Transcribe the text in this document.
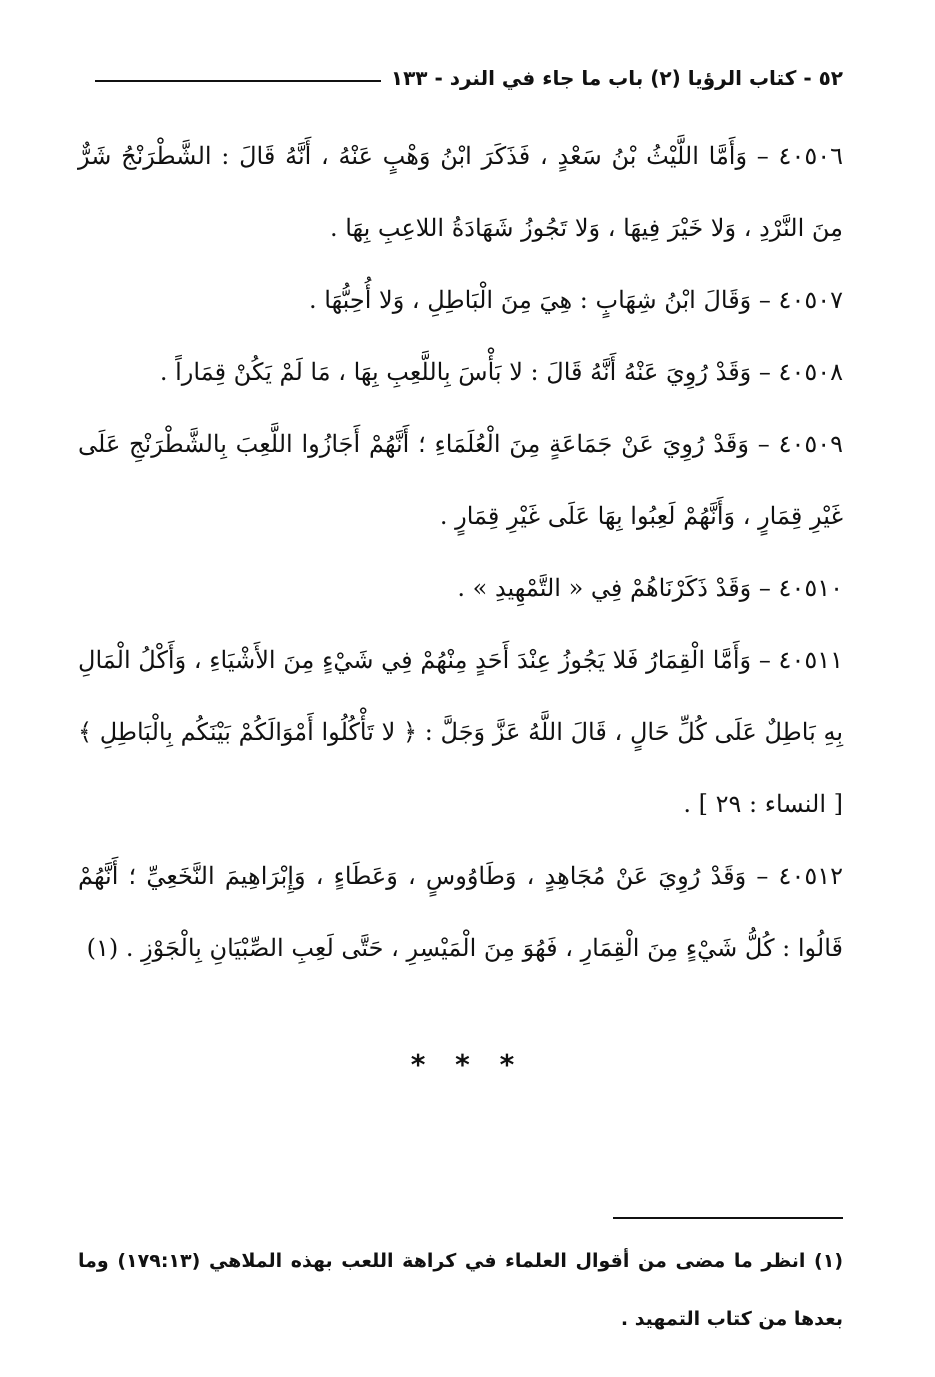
٥٢ - كتاب الرؤيا (٢) باب ما جاء في النرد - ١٣٣

٤٠٥٠٦ – وَأَمَّا اللَّيْثُ بْنُ سَعْدٍ ، فَذَكَرَ ابْنُ وَهْبٍ عَنْهُ ، أَنَّهُ قَالَ : الشَّطْرَنْجُ شَرٌّ مِنَ النَّرْدِ ، وَلا خَيْرَ فِيهَا ، وَلا تَجُوزُ شَهَادَةُ اللاعِبِ بِهَا .

٤٠٥٠٧ – وَقَالَ ابْنُ شِهَابٍ : هِيَ مِنَ الْبَاطِلِ ، وَلا أُحِبُّهَا .

٤٠٥٠٨ – وَقَدْ رُوِيَ عَنْهُ أَنَّهُ قَالَ : لا بَأْسَ بِاللَّعِبِ بِهَا ، مَا لَمْ يَكُنْ قِمَاراً .

٤٠٥٠٩ – وَقَدْ رُوِيَ عَنْ جَمَاعَةٍ مِنَ الْعُلَمَاءِ ؛ أَنَّهُمْ أَجَازُوا اللَّعِبَ بِالشَّطْرَنْجِ عَلَى غَيْرِ قِمَارٍ ، وَأَنَّهُمْ لَعِبُوا بِهَا عَلَى غَيْرِ قِمَارٍ .

٤٠٥١٠ – وَقَدْ ذَكَرْنَاهُمْ فِي « التَّمْهِيدِ » .

٤٠٥١١ – وَأَمَّا الْقِمَارُ فَلا يَجُوزُ عِنْدَ أَحَدٍ مِنْهُمْ فِي شَيْءٍ مِنَ الأَشْيَاءِ ، وَأَكْلُ الْمَالِ بِهِ بَاطِلٌ عَلَى كُلِّ حَالٍ ، قَالَ اللَّهُ عَزَّ وَجَلَّ : ﴿ لا تَأْكُلُوا أَمْوَالَكُمْ بَيْنَكُم بِالْبَاطِلِ ﴾ [ النساء : ٢٩ ] .

٤٠٥١٢ – وَقَدْ رُوِيَ عَنْ مُجَاهِدٍ ، وَطَاوُوسٍ ، وَعَطَاءٍ ، وَإِبْرَاهِيمَ النَّخَعِيِّ ؛ أَنَّهُمْ قَالُوا : كُلُّ شَيْءٍ مِنَ الْقِمَارِ ، فَهُوَ مِنَ الْمَيْسِرِ ، حَتَّى لَعِبِ الصِّبْيَانِ بِالْجَوْزِ . (١)

* * *
(١) انظر ما مضى من أقوال العلماء في كراهة اللعب بهذه الملاهي (١٧٩:١٣) وما بعدها من كتاب التمهيد .
